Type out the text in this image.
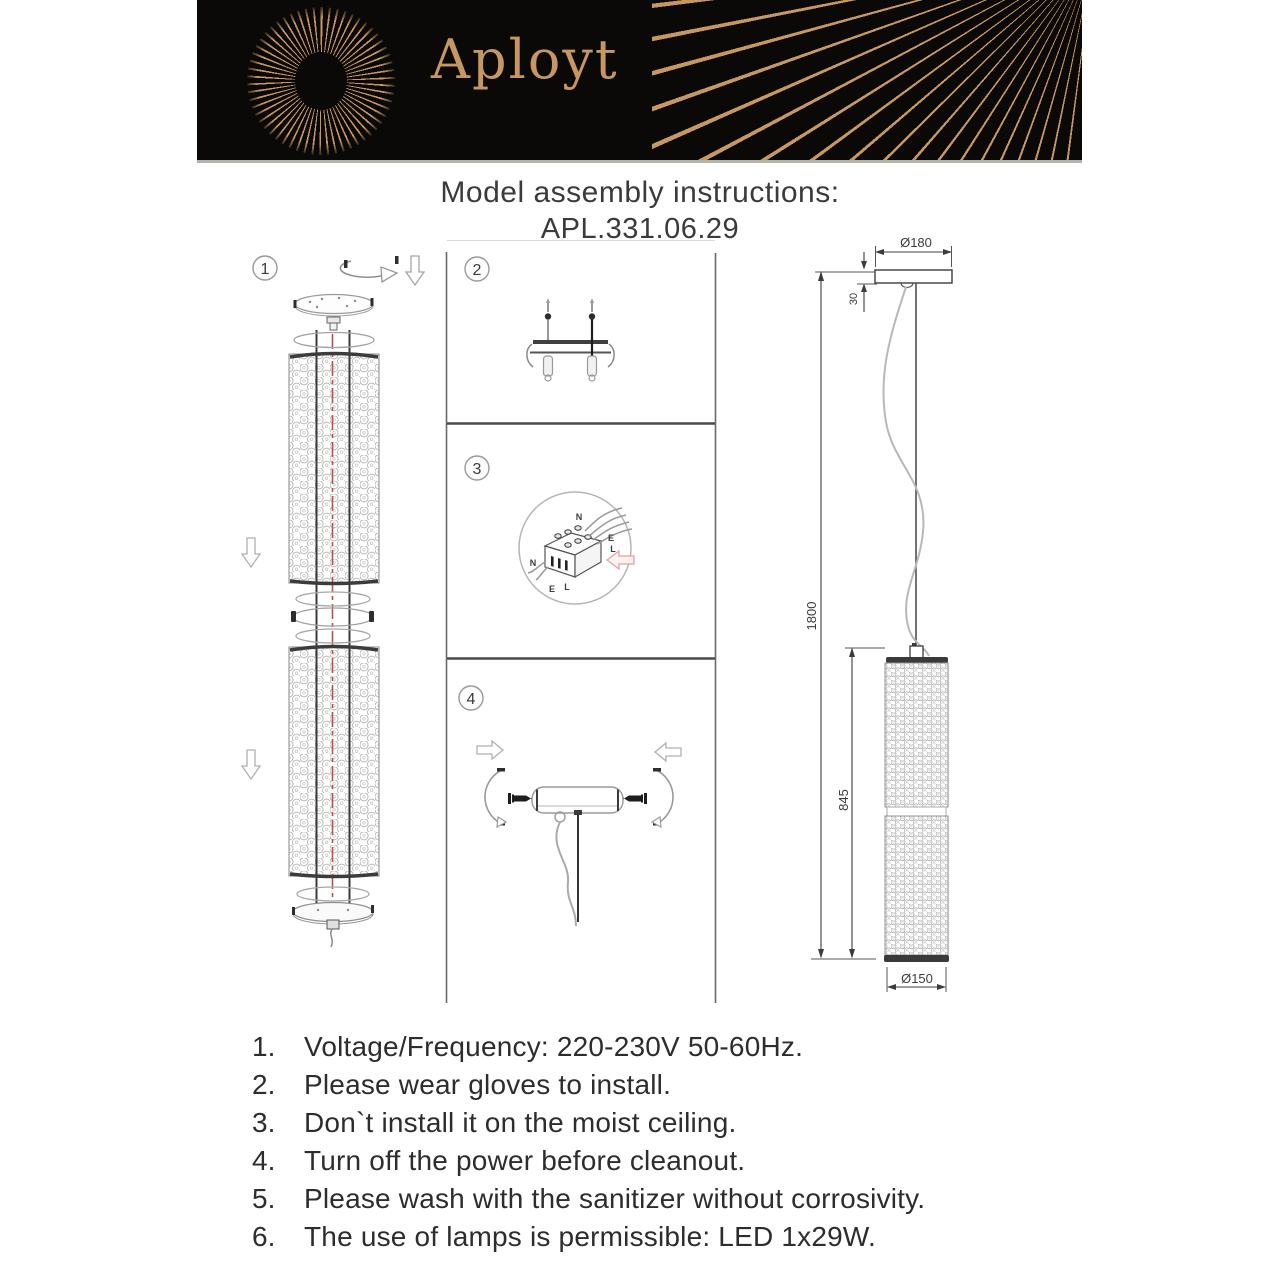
Aployt
Model assembly instructions:
APL.331.06.29
1	2
3
N
E
L
N
E L
4
Ø180
30
1800
845
Ø150
1.	Voltage/Frequency: 220-230V 50-60Hz.
2.	Please wear gloves to install.
3.	Don`t install it on the moist ceiling.
4.	Turn off the power before cleanout.
5.	Please wash with the sanitizer without corrosivity.
6.	The use of lamps is permissible: LED 1x29W.
